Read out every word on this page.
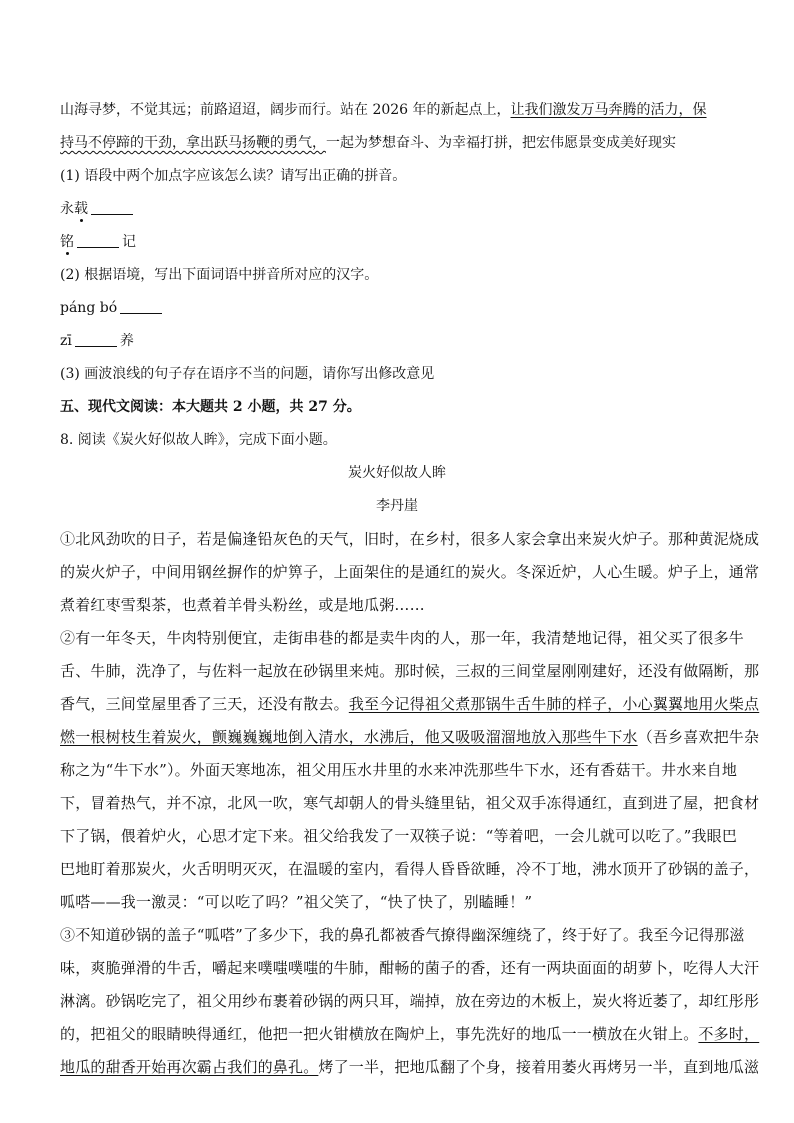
山海寻梦，不觉其远；前路迢迢，阔步而行。站在 2026 年的新起点上，让我们激发万马奔腾的活力，保
持马不停蹄的干劲，拿出跃马扬鞭的勇气，一起为梦想奋斗、为幸福打拼，把宏伟愿景变成美好现实
(1) 语段中两个加点字应该怎么读？请写出正确的拼音。
永载
铭	记
(2) 根据语境，写出下面词语中拼音所对应的汉字。
páng bó
zī	养
(3) 画波浪线的句子存在语序不当的问题，请你写出修改意见
五、现代文阅读：本大题共 2 小题，共 27 分。
8. 阅读《炭火好似故人眸》，完成下面小题。
炭火好似故人眸
李丹崖
①北风劲吹的日子，若是偏逢铅灰色的天气，旧时，在乡村，很多人家会拿出来炭火炉子。那种黄泥烧成
的炭火炉子，中间用钢丝摒作的炉箅子，上面架住的是通红的炭火。冬深近炉，人心生暖。炉子上，通常
煮着红枣雪梨茶，也煮着羊骨头粉丝，或是地瓜粥……
②有一年冬天，牛肉特别便宜，走街串巷的都是卖牛肉的人，那一年，我清楚地记得，祖父买了很多牛
舌、牛肺，洗净了，与佐料一起放在砂锅里来炖。那时候，三叔的三间堂屋刚刚建好，还没有做隔断，那
香气，三间堂屋里香了三天，还没有散去。我至今记得祖父煮那锅牛舌牛肺的样子，小心翼翼地用火柴点
燃一根树枝生着炭火，颤巍巍巍地倒入清水，水沸后，他又吸吸溜溜地放入那些牛下水（吾乡喜欢把牛杂
称之为“牛下水”）。外面天寒地冻，祖父用压水井里的水来冲洗那些牛下水，还有香菇干。井水来自地
下，冒着热气，并不凉，北风一吹，寒气却朝人的骨头缝里钻，祖父双手冻得通红，直到进了屋，把食材
下了锅，偎着炉火，心思才定下来。祖父给我发了一双筷子说：“等着吧，一会儿就可以吃了。”我眼巴
巴地盯着那炭火，火舌明明灭灭，在温暖的室内，看得人昏昏欲睡，冷不丁地，沸水顶开了砂锅的盖子，
呱嗒——我一激灵：“可以吃了吗？”祖父笑了，“快了快了，别瞌睡！”
③不知道砂锅的盖子“呱嗒”了多少下，我的鼻孔都被香气撩得幽深缠绕了，终于好了。我至今记得那滋
味，爽脆弹滑的牛舌，嚼起来噗嗤噗嗤的牛肺，酣畅的菌子的香，还有一两块面面的胡萝卜，吃得人大汗
淋漓。砂锅吃完了，祖父用纱布裹着砂锅的两只耳，端掉，放在旁边的木板上，炭火将近萎了，却红彤彤
的，把祖父的眼睛映得通红，他把一把火钳横放在陶炉上，事先洗好的地瓜一一横放在火钳上。不多时，
地瓜的甜香开始再次霸占我们的鼻孔。烤了一半，把地瓜翻了个身，接着用萎火再烤另一半，直到地瓜滋
